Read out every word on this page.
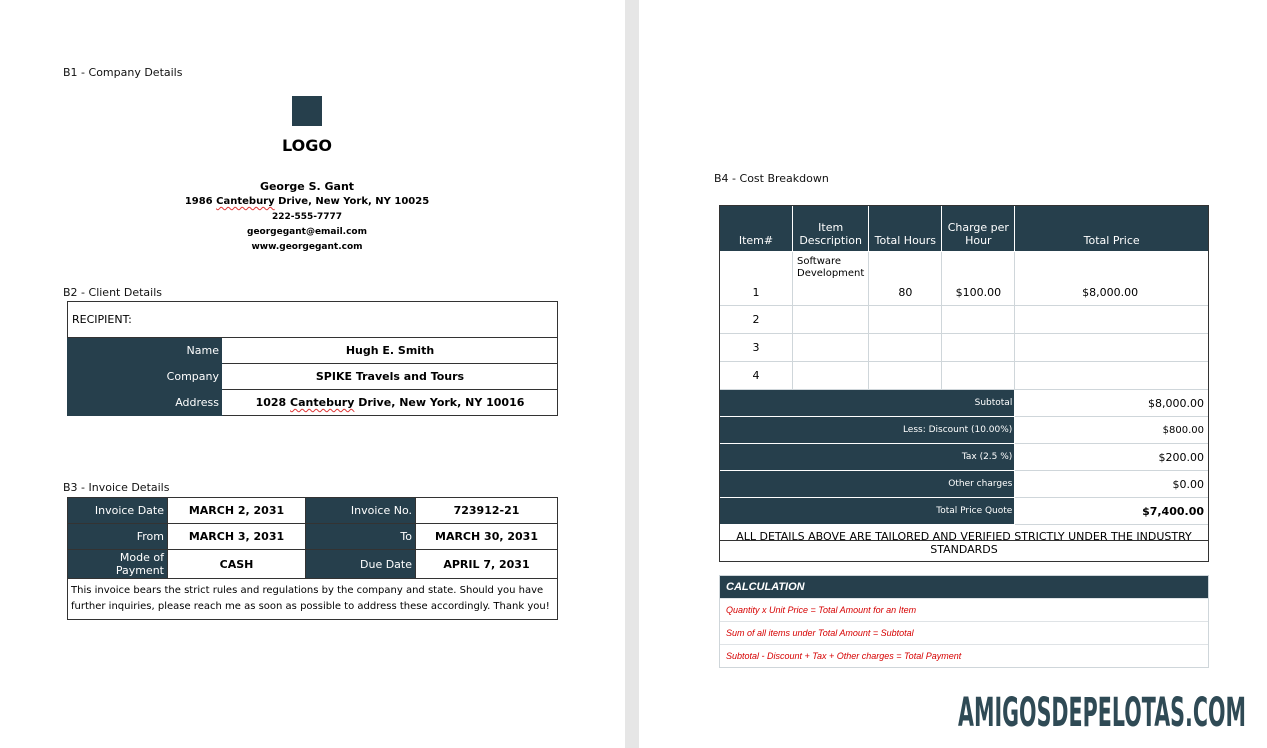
B1 - Company Details
LOGO
George S. Gant
1986 Cantebury Drive, New York, NY 10025
222-555-7777
georgegant@email.com
www.georgegant.com
B2 - Client Details
RECIPIENT:	
Name	Hugh E. Smith
Company	SPIKE Travels and Tours
Address	1028 Cantebury Drive, New York, NY 10016
B3 - Invoice Details
Invoice Date	MARCH 2, 2031	Invoice No.	723912-21
From	MARCH 3, 2031	To	MARCH 30, 2031
Mode of Payment	CASH	Due Date	APRIL 7, 2031
This invoice bears the strict rules and regulations by the company and state. Should you have further inquiries, please reach me as soon as possible to address these accordingly. Thank you!			
B4 - Cost Breakdown
Item#	Item Description	Total Hours	Charge per Hour	Total Price
1	Software Development	80	$100.00	$8,000.00
2				
3				
4				
Subtotal				$8,000.00
Less: Discount (10.00%)				$800.00
Tax (2.5 %)				$200.00
Other charges				$0.00
Total Price Quote				$7,400.00
ALL DETAILS ABOVE ARE TAILORED AND VERIFIED STRICTLY UNDER THE INDUSTRY STANDARDS				
CALCULATION
Quantity x Unit Price = Total Amount for an Item
Sum of all items under Total Amount = Subtotal
Subtotal - Discount + Tax + Other charges = Total Payment
AMIGOSDEPELOTAS.COM
